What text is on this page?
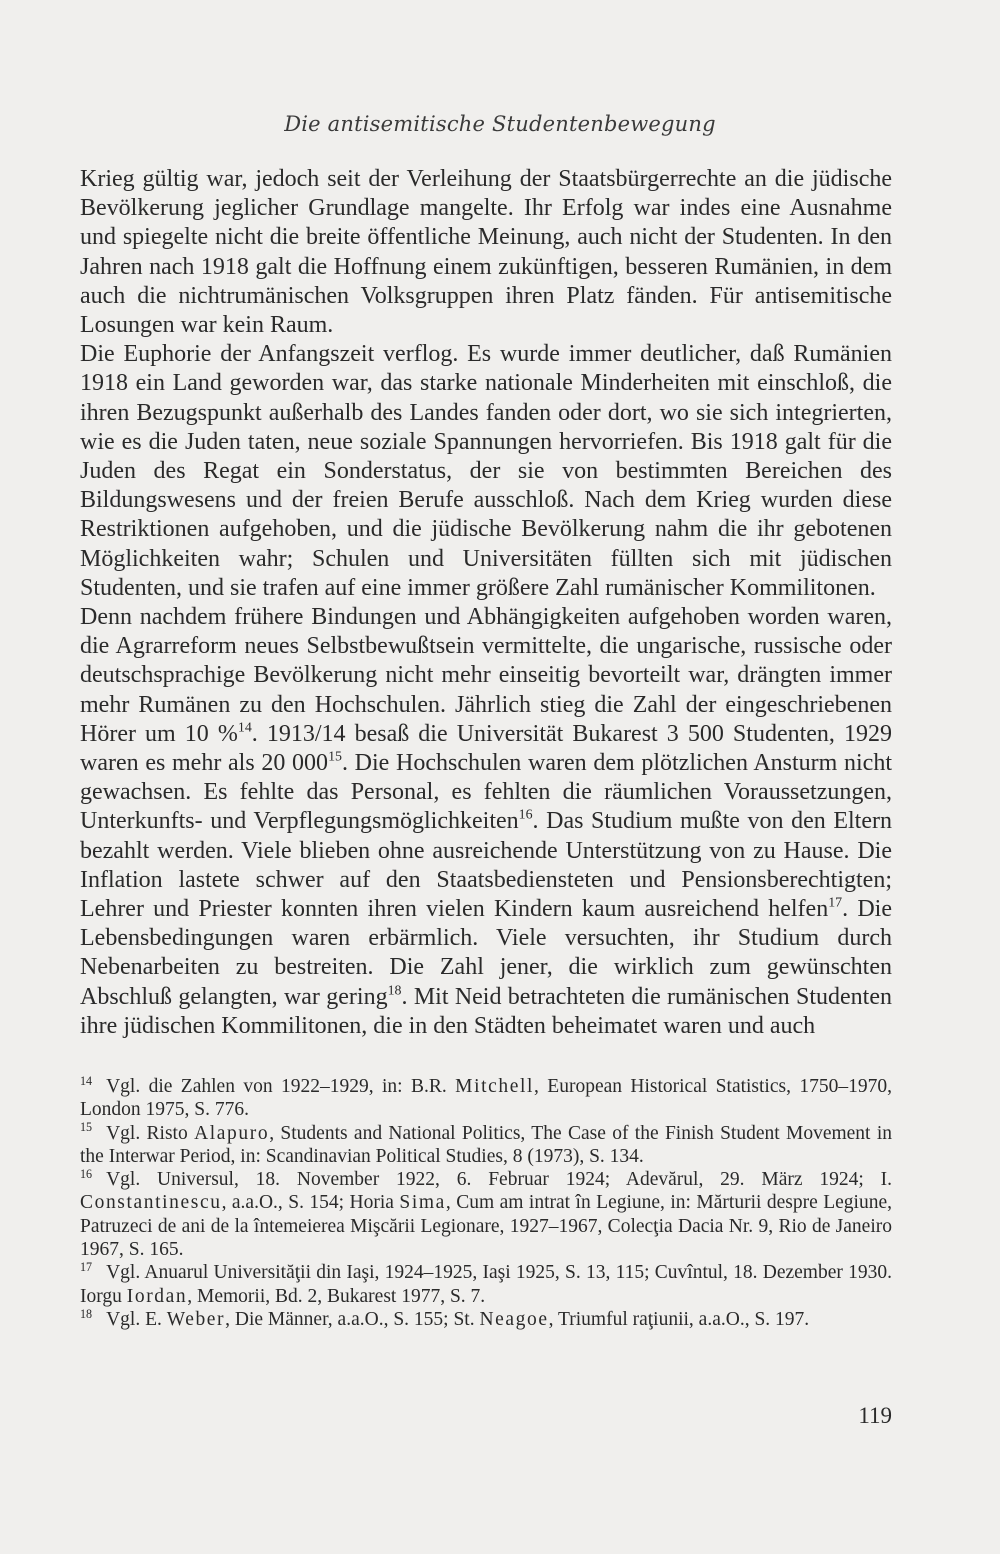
Die antisemitische Studentenbewegung

Krieg gültig war, jedoch seit der Verleihung der Staatsbürgerrechte an die jüdische Bevölkerung jeglicher Grundlage mangelte. Ihr Erfolg war indes eine Ausnahme und spiegelte nicht die breite öffentliche Meinung, auch nicht der Studenten. In den Jahren nach 1918 galt die Hoffnung einem zukünftigen, besseren Rumänien, in dem auch die nichtrumänischen Volksgruppen ihren Platz fänden. Für antisemitische Losungen war kein Raum.

Die Euphorie der Anfangszeit verflog. Es wurde immer deutlicher, daß Rumänien 1918 ein Land geworden war, das starke nationale Minderheiten mit einschloß, die ihren Bezugspunkt außerhalb des Landes fanden oder dort, wo sie sich integrierten, wie es die Juden taten, neue soziale Spannungen hervorriefen. Bis 1918 galt für die Juden des Regat ein Sonderstatus, der sie von bestimmten Bereichen des Bildungswesens und der freien Berufe ausschloß. Nach dem Krieg wurden diese Restriktionen aufgehoben, und die jüdische Bevölkerung nahm die ihr gebotenen Möglichkeiten wahr; Schulen und Universitäten füllten sich mit jüdischen Studenten, und sie trafen auf eine immer größere Zahl rumänischer Kommilitonen.

Denn nachdem frühere Bindungen und Abhängigkeiten aufgehoben worden waren, die Agrarreform neues Selbstbewußtsein vermittelte, die ungarische, russische oder deutschsprachige Bevölkerung nicht mehr einseitig bevorteilt war, drängten immer mehr Rumänen zu den Hochschulen. Jährlich stieg die Zahl der eingeschriebenen Hörer um 10 %$^{14}$. 1913/14 besaß die Universität Bukarest 3 500 Studenten, 1929 waren es mehr als 20 $000^{15}$. Die Hochschulen waren dem plötzlichen Ansturm nicht gewachsen. Es fehlte das Personal, es fehlten die räumlichen Voraussetzungen, Unterkunfts- und Verpflegungsmöglichkeiten$^{16}$. Das Studium mußte von den Eltern bezahlt werden. Viele blieben ohne ausreichende Unterstützung von zu Hause. Die Inflation lastete schwer auf den Staatsbediensteten und Pensionsberechtigten; Lehrer und Priester konnten ihren vielen Kindern kaum ausreichend helfen$^{17}$. Die Lebensbedingungen waren erbärmlich. Viele versuchten, ihr Studium durch Nebenarbeiten zu bestreiten. Die Zahl jener, die wirklich zum gewünschten Abschluß gelangten, war gering$^{18}$. Mit Neid betrachteten die rumänischen Studenten ihre jüdischen Kommilitonen, die in den Städten beheimatet waren und auch

$^{14}$ Vgl. die Zahlen von 1922–1929, in: B.R. Mitchell, European Historical Statistics, 1750–1970, London 1975, S. 776.

$^{15}$ Vgl. Risto Alapuro, Students and National Politics, The Case of the Finish Student Movement in the Interwar Period, in: Scandinavian Political Studies, 8 (1973), S. 134.

$^{16}$ Vgl. Universul, 18. November 1922, 6. Februar 1924; Adevărul, 29. März 1924; I. Constantinescu, a.a.O., S. 154; Horia Sima, Cum am intrat în Legiune, in: Mărturii despre Legiune, Patruzeci de ani de la întemeierea Mişcării Legionare, 1927–1967, Colecţia Dacia Nr. 9, Rio de Janeiro 1967, S. 165.

$^{17}$ Vgl. Anuarul Universităţii din Iaşi, 1924–1925, Iaşi 1925, S. 13, 115; Cuvîntul, 18. Dezember 1930. Iorgu Iordan, Memorii, Bd. 2, Bukarest 1977, S. 7.

$^{18}$ Vgl. E. Weber, Die Männer, a.a.O., S. 155; St. Neagoe, Triumful raţiunii, a.a.O., S. 197.

119
